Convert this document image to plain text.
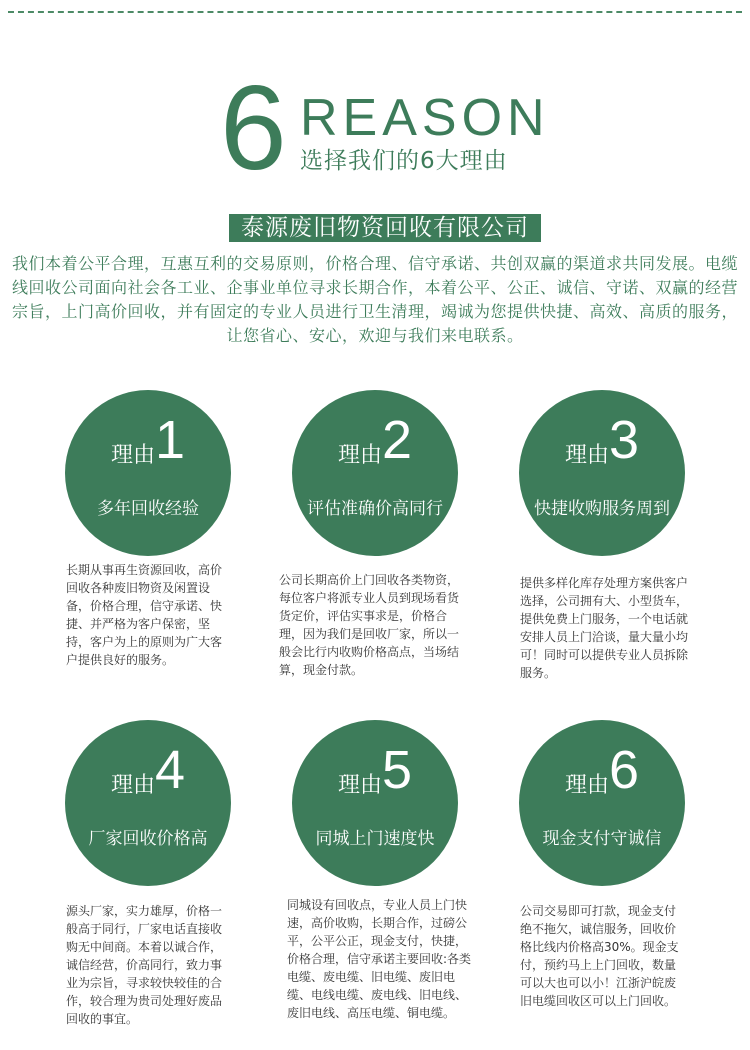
6 REASON
选择我们的6大理由
泰源废旧物资回收有限公司
我们本着公平合理，互惠互利的交易原则，价格合理、信守承诺、共创双赢的渠道求共同发展。电缆线回收公司面向社会各工业、企事业单位寻求长期合作，本着公平、公正、诚信、守诺、双赢的经营宗旨，上门高价回收，并有固定的专业人员进行卫生清理，竭诚为您提供快捷、高效、高质的服务，让您省心、安心，欢迎与我们来电联系。
理由1
多年回收经验
长期从事再生资源回收，高价回收各种废旧物资及闲置设备，价格合理，信守承诺、快捷、并严格为客户保密，坚持，客户为上的原则为广大客户提供良好的服务。
理由2
评估准确价高同行
公司长期高价上门回收各类物资，每位客户将派专业人员到现场看货货定价，评估实事求是，价格合理，因为我们是回收厂家，所以一般会比行内收购价格高点，当场结算，现金付款。
理由3
快捷收购服务周到
提供多样化库存处理方案供客户选择，公司拥有大、小型货车，提供免费上门服务，一个电话就安排人员上门洽谈，量大量小均可！同时可以提供专业人员拆除服务。
理由4
厂家回收价格高
源头厂家，实力雄厚，价格一般高于同行，厂家电话直接收购无中间商。本着以诚合作，诚信经营，价高同行，致力事业为宗旨，寻求较快较佳的合作，较合理为贵司处理好废品回收的事宜。
理由5
同城上门速度快
同城设有回收点，专业人员上门快速，高价收购，长期合作，过磅公平，公平公正，现金支付，快捷，价格合理，信守承诺主要回收:各类电缆、废电缆、旧电缆、废旧电缆、电线电缆、废电线、旧电线、废旧电线、高压电缆、铜电缆。
理由6
现金支付守诚信
公司交易即可打款，现金支付绝不拖欠，诚信服务，回收价格比线内价格高30%。现金支付，预约马上上门回收，数量可以大也可以小！江浙沪皖废旧电缆回收区可以上门回收。
